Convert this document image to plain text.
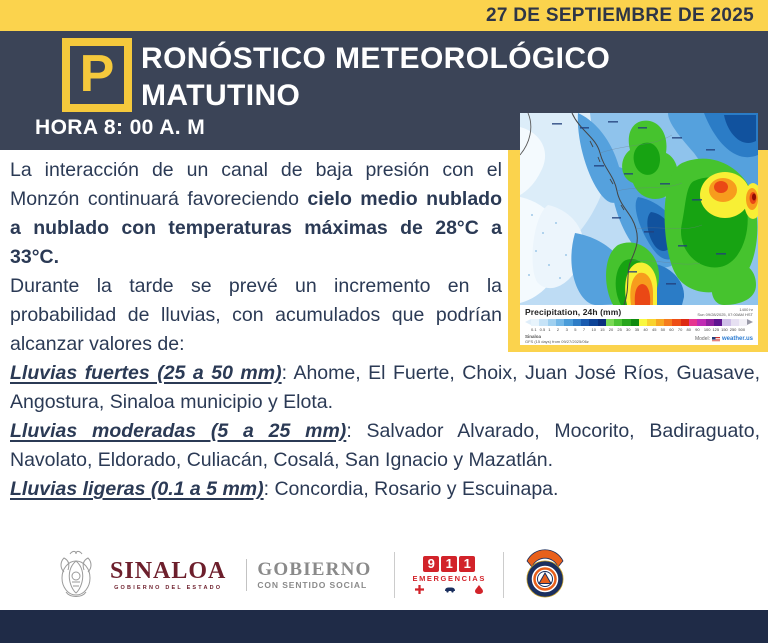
27 DE SEPTIEMBRE DE 2025
P RONÓSTICO METEOROLÓGICO
MATUTINO
HORA 8: 00 A. M
Precipitation, 24h (mm)	1400 hr
Sun 09/28/2025, 07:00AM HST
0.1 0.5 1	2	3	5	7	10	15	20	25	30	35	40	45	50	60	70	80	90	100 125 150 250 500
Sinaloa
GFS (15 days) from 09/27/2025/06z	Model: weather.us

La interacción de un canal de baja presión con el Monzón continuará favoreciendo cielo medio nublado a nublado con temperaturas máximas de 28°C a 33°C.

Durante la tarde se prevé un incremento en la probabilidad de lluvias, con acumulados que podrían alcanzar valores de:

Lluvias fuertes (25 a 50 mm): Ahome, El Fuerte, Choix, Juan José Ríos, Guasave, Angostura, Sinaloa municipio y Elota.

Lluvias moderadas (5 a 25 mm): Salvador Alvarado, Mocorito, Badiraguato, Navolato, Eldorado, Culiacán, Cosalá, San Ignacio y Mazatlán.

Lluvias ligeras (0.1 a 5 mm): Concordia, Rosario y Escuinapa.

SINALOA
GOBIERNO DEL ESTADO
GOBIERNO
CON SENTIDO SOCIAL
9 1 1
EMERGENCIAS
